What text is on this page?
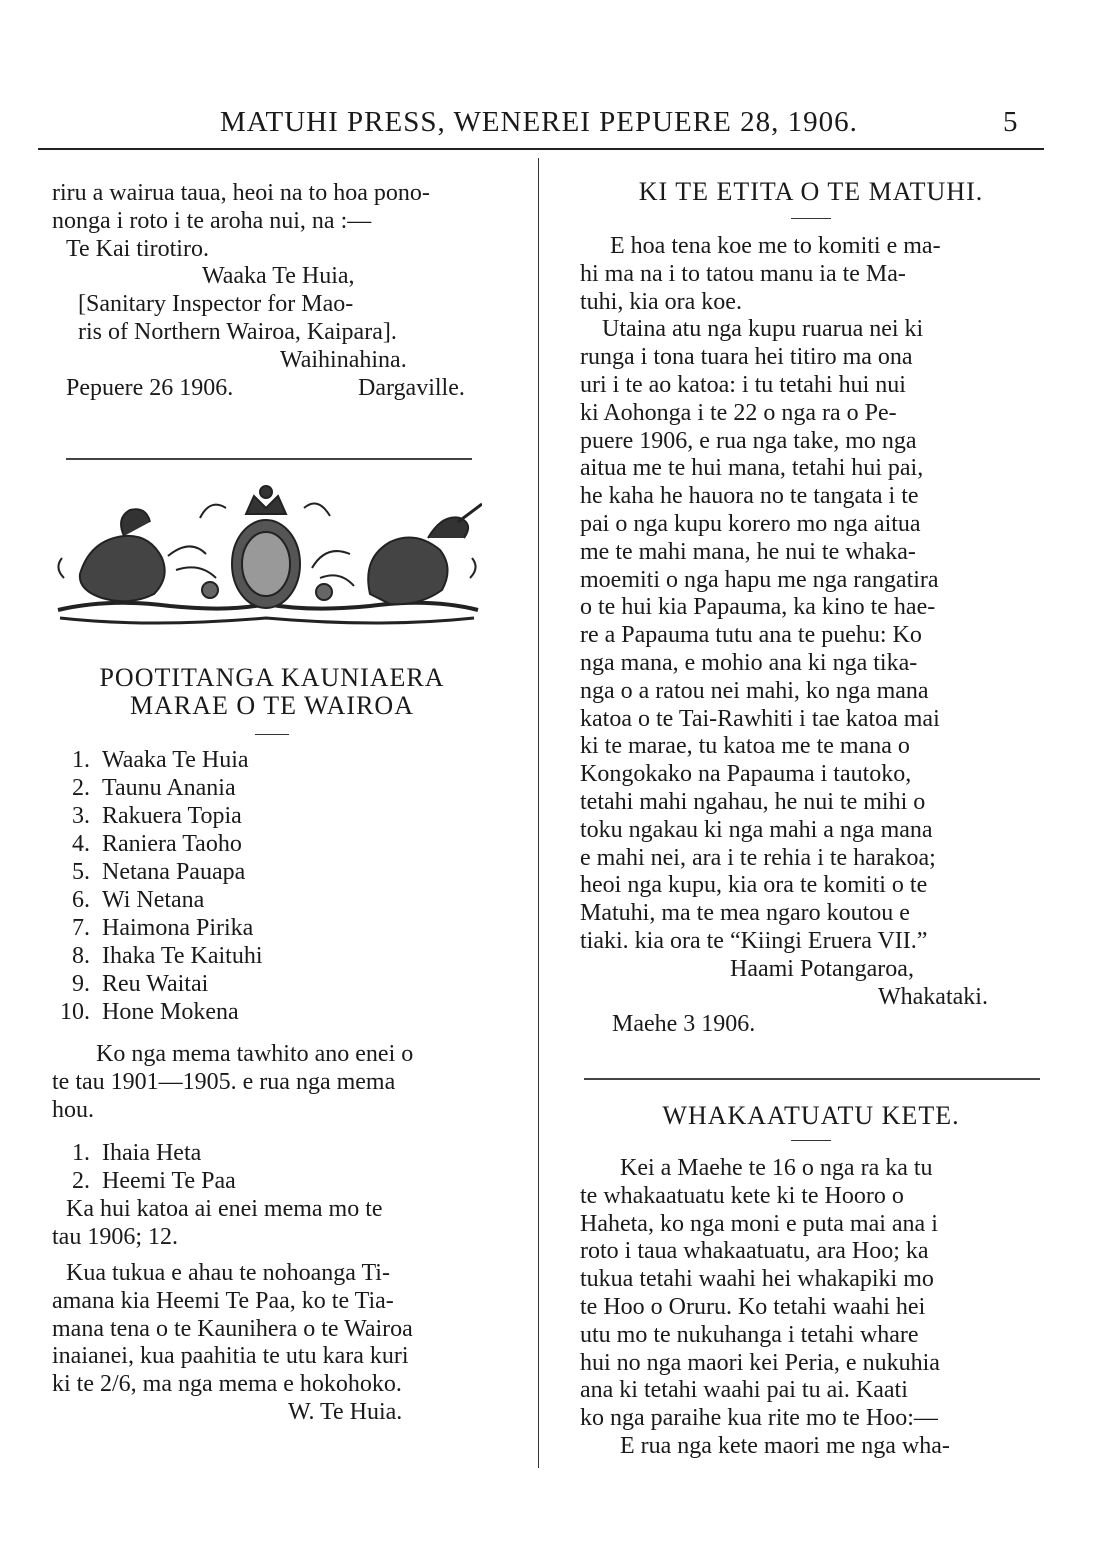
MATUHI PRESS, WENEREI PEPUERE 28, 1906.	5
riru a wairua taua, heoi na to hoa pono-
nonga i roto i te aroha nui, na :—
Te Kai tirotiro.
Waaka Te Huia,
[Sanitary Inspector for Mao-
ris of Northern Wairoa, Kaipara].
Waihinahina.
Pepuere 26 1906.	Dargaville.
POOTITANGA KAUNIAERA
MARAE O TE WAIROA
1. Waaka Te Huia
2. Taunu Anania
3. Rakuera Topia
4. Raniera Taoho
5. Netana Pauapa
6. Wi Netana
7. Haimona Pirika
8. Ihaka Te Kaituhi
9. Reu Waitai
10. Hone Mokena
Ko nga mema tawhito ano enei o
te tau 1901—1905. e rua nga mema
hou.
1. Ihaia Heta
2. Heemi Te Paa
Ka hui katoa ai enei mema mo te
tau 1906; 12.
Kua tukua e ahau te nohoanga Ti-
amana kia Heemi Te Paa, ko te Tia-
mana tena o te Kaunihera o te Wairoa
inaianei, kua paahitia te utu kara kuri
ki te 2/6, ma nga mema e hokohoko.
W. Te Huia.
KI TE ETITA O TE MATUHI.
E hoa tena koe me to komiti e ma-
hi ma na i to tatou manu ia te Ma-
tuhi, kia ora koe.
Utaina atu nga kupu ruarua nei ki
runga i tona tuara hei titiro ma ona
uri i te ao katoa: i tu tetahi hui nui
ki Aohonga i te 22 o nga ra o Pe-
puere 1906, e rua nga take, mo nga
aitua me te hui mana, tetahi hui pai,
he kaha he hauora no te tangata i te
pai o nga kupu korero mo nga aitua
me te mahi mana, he nui te whaka-
moemiti o nga hapu me nga rangatira
o te hui kia Papauma, ka kino te hae-
re a Papauma tutu ana te puehu: Ko
nga mana, e mohio ana ki nga tika-
nga o a ratou nei mahi, ko nga mana
katoa o te Tai-Rawhiti i tae katoa mai
ki te marae, tu katoa me te mana o
Kongokako na Papauma i tautoko,
tetahi mahi ngahau, he nui te mihi o
toku ngakau ki nga mahi a nga mana
e mahi nei, ara i te rehia i te harakoa;
heoi nga kupu, kia ora te komiti o te
Matuhi, ma te mea ngaro koutou e
tiaki. kia ora te “Kiingi Eruera VII.”
Haami Potangaroa,
Whakataki.
Maehe 3 1906.
WHAKAATUATU KETE.
Kei a Maehe te 16 o nga ra ka tu
te whakaatuatu kete ki te Hooro o
Haheta, ko nga moni e puta mai ana i
roto i taua whakaatuatu, ara Hoo; ka
tukua tetahi waahi hei whakapiki mo
te Hoo o Oruru. Ko tetahi waahi hei
utu mo te nukuhanga i tetahi whare
hui no nga maori kei Peria, e nukuhia
ana ki tetahi waahi pai tu ai. Kaati
ko nga paraihe kua rite mo te Hoo:—
E rua nga kete maori me nga wha-
